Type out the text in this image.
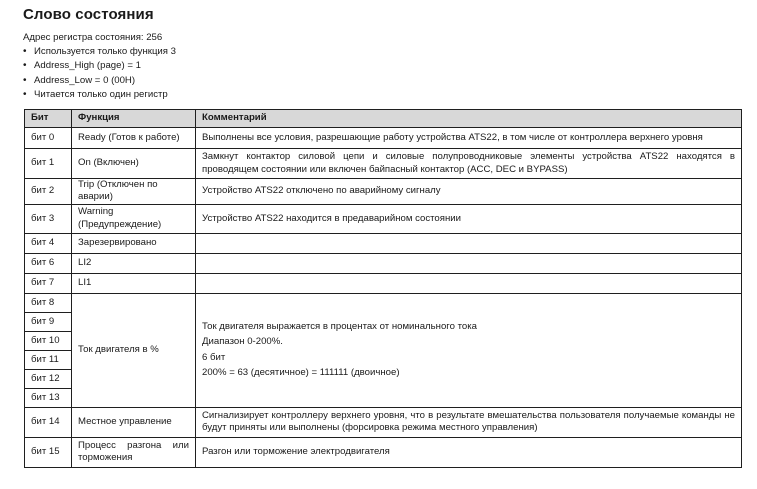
Слово состояния
Адрес регистра состояния: 256
• Используется только функция 3
• Address_High (page) = 1
• Address_Low = 0 (00H)
• Читается только один регистр
Бит	Функция	Комментарий
бит 0	Ready (Готов к работе)	Выполнены все условия, разрешающие работу устройства ATS22, в том числе от контроллера верхнего уровня
бит 1	On (Включен)	Замкнут контактор силовой цепи и силовые полупроводниковые элементы устройства ATS22 находятся в проводящем состоянии или включен байпасный контактор (ACC, DEC и BYPASS)
бит 2	Trip (Отключен по аварии)	Устройство ATS22 отключено по аварийному сигналу
бит 3	Warning (Предупреждение)	Устройство ATS22 находится в предаварийном состоянии
бит 4	Зарезервировано	
бит 6	LI2	
бит 7	LI1	
бит 8	Ток двигателя в %	Ток двигателя выражается в процентах от номинального тока
Диапазон 0-200%.
6 бит
200% = 63 (десятичное) = 111111 (двоичное)

бит 9		
бит 10		
бит 11		
бит 12		
бит 13		
бит 14	Местное управление	Сигнализирует контроллеру верхнего уровня, что в результате вмешательства пользователя получаемые команды не будут приняты или выполнены (форсировка режима местного управления)
бит 15	Процесс разгона или торможения	Разгон или торможение электродвигателя
